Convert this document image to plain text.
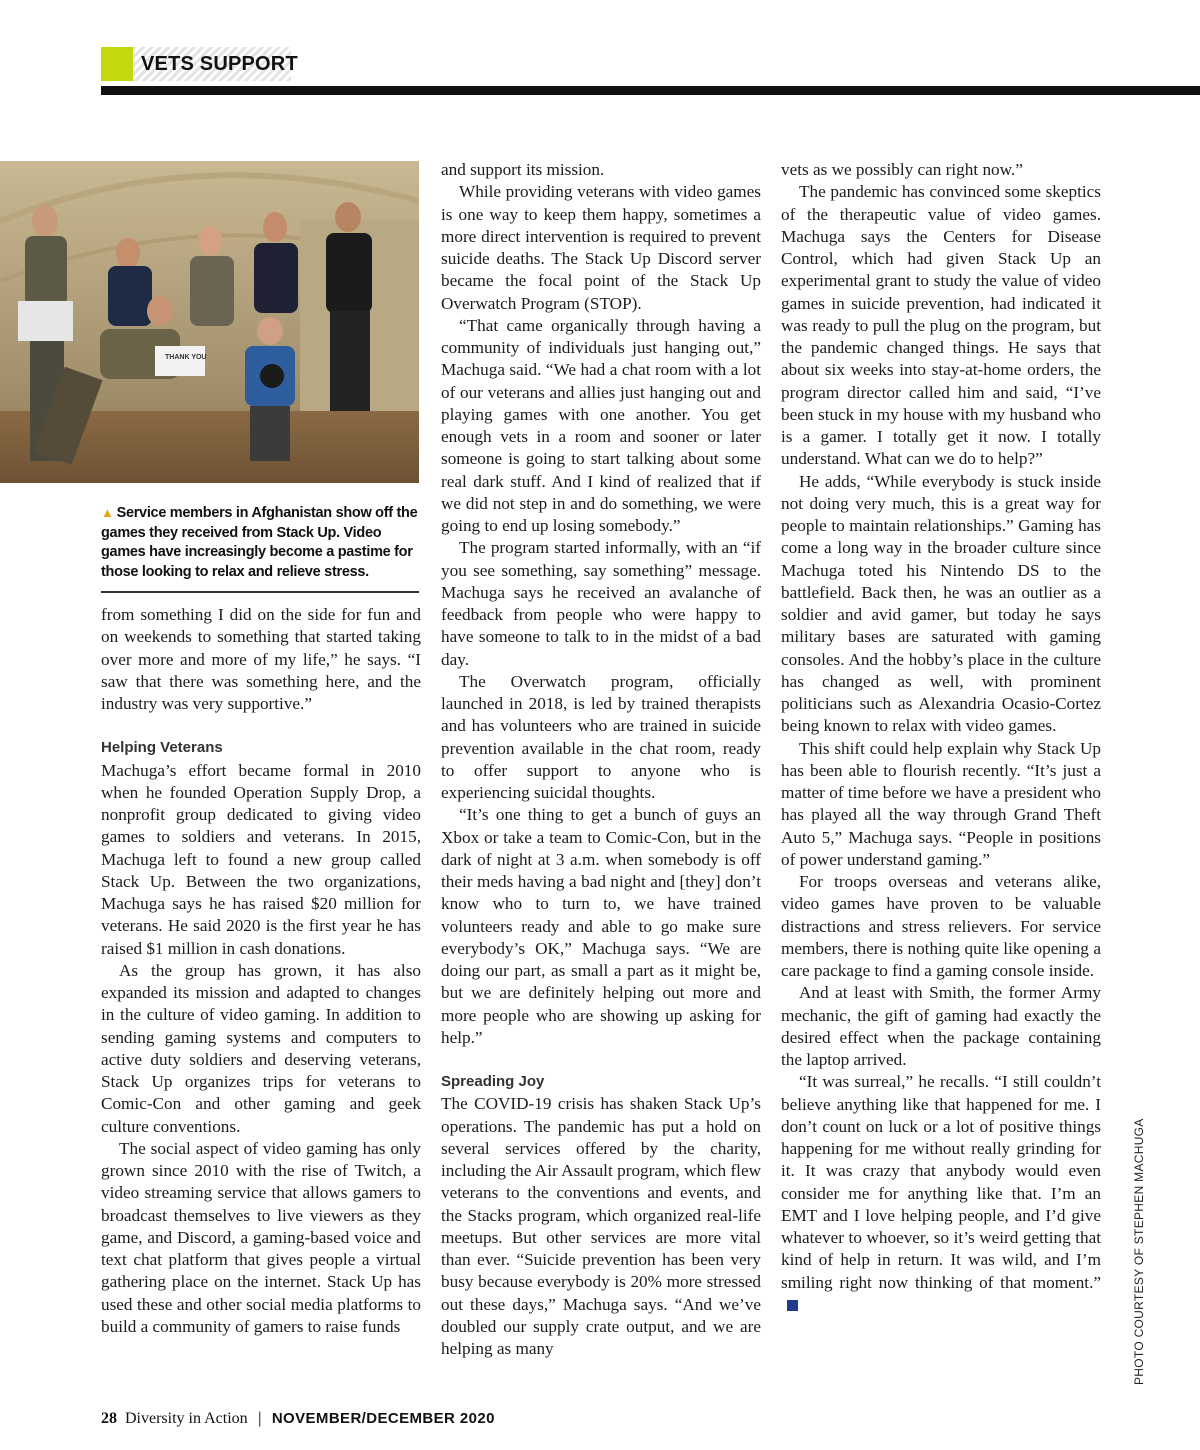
VETS SUPPORT
THANK YOU
▲ Service members in Afghanistan show off the games they received from Stack Up. Video games have increasingly become a pastime for those looking to relax and relieve stress.

from something I did on the side for fun and on weekends to something that started taking over more and more of my life,” he says. “I saw that there was something here, and the industry was very supportive.”

Helping Veterans

Machuga’s effort became formal in 2010 when he founded Operation Supply Drop, a nonprofit group dedicated to giving video games to soldiers and veterans. In 2015, Machuga left to found a new group called Stack Up. Between the two organizations, Machuga says he has raised $20 million for veterans. He said 2020 is the first year he has raised $1 million in cash donations.

As the group has grown, it has also expanded its mission and adapted to changes in the culture of video gaming. In addition to sending gaming systems and computers to active duty soldiers and deserving veterans, Stack Up organizes trips for veterans to Comic-Con and other gaming and geek culture conventions.

The social aspect of video gaming has only grown since 2010 with the rise of Twitch, a video streaming service that allows gamers to broadcast themselves to live viewers as they game, and Discord, a gaming-based voice and text chat platform that gives people a virtual gathering place on the internet. Stack Up has used these and other social media platforms to build a community of gamers to raise funds

and support its mission.

While providing veterans with video games is one way to keep them happy, sometimes a more direct intervention is required to prevent suicide deaths. The Stack Up Discord server became the focal point of the Stack Up Overwatch Program (STOP).

“That came organically through having a community of individuals just hanging out,” Machuga said. “We had a chat room with a lot of our veterans and allies just hanging out and playing games with one another. You get enough vets in a room and sooner or later someone is going to start talking about some real dark stuff. And I kind of realized that if we did not step in and do something, we were going to end up losing somebody.”

The program started informally, with an “if you see something, say something” message. Machuga says he received an avalanche of feedback from people who were happy to have someone to talk to in the midst of a bad day.

The Overwatch program, officially launched in 2018, is led by trained therapists and has volunteers who are trained in suicide prevention available in the chat room, ready to offer support to anyone who is experiencing suicidal thoughts.

“It’s one thing to get a bunch of guys an Xbox or take a team to Comic-Con, but in the dark of night at 3 a.m. when somebody is off their meds having a bad night and [they] don’t know who to turn to, we have trained volunteers ready and able to go make sure everybody’s OK,” Machuga says. “We are doing our part, as small a part as it might be, but we are definitely helping out more and more people who are showing up asking for help.”

Spreading Joy

The COVID-19 crisis has shaken Stack Up’s operations. The pandemic has put a hold on several services offered by the charity, including the Air Assault program, which flew veterans to the conventions and events, and the Stacks program, which organized real-life meetups. But other services are more vital than ever. “Suicide prevention has been very busy because everybody is 20% more stressed out these days,” Machuga says. “And we’ve doubled our supply crate output, and we are helping as many

vets as we possibly can right now.”

The pandemic has convinced some skeptics of the therapeutic value of video games. Machuga says the Centers for Disease Control, which had given Stack Up an experimental grant to study the value of video games in suicide prevention, had indicated it was ready to pull the plug on the program, but the pandemic changed things. He says that about six weeks into stay-at-home orders, the program director called him and said, “I’ve been stuck in my house with my husband who is a gamer. I totally get it now. I totally understand. What can we do to help?”

He adds, “While everybody is stuck inside not doing very much, this is a great way for people to maintain relationships.” Gaming has come a long way in the broader culture since Machuga toted his Nintendo DS to the battlefield. Back then, he was an outlier as a soldier and avid gamer, but today he says military bases are saturated with gaming consoles. And the hobby’s place in the culture has changed as well, with prominent politicians such as Alexandria Ocasio-Cortez being known to relax with video games.

This shift could help explain why Stack Up has been able to flourish recently. “It’s just a matter of time before we have a president who has played all the way through Grand Theft Auto 5,” Machuga says. “People in positions of power understand gaming.”

For troops overseas and veterans alike, video games have proven to be valuable distractions and stress relievers. For service members, there is nothing quite like opening a care package to find a gaming console inside.

And at least with Smith, the former Army mechanic, the gift of gaming had exactly the desired effect when the package containing the laptop arrived.

“It was surreal,” he recalls. “I still couldn’t believe anything like that happened for me. I don’t count on luck or a lot of positive things happening for me without really grinding for it. It was crazy that anybody would even consider me for anything like that. I’m an EMT and I love helping people, and I’d give whatever to whoever, so it’s weird getting that kind of help in return. It was wild, and I’m smiling right now thinking of that moment.”	PHOTO COURTESY OF STEPHEN MACHUGA
28 Diversity in Action | NOVEMBER/DECEMBER 2020
